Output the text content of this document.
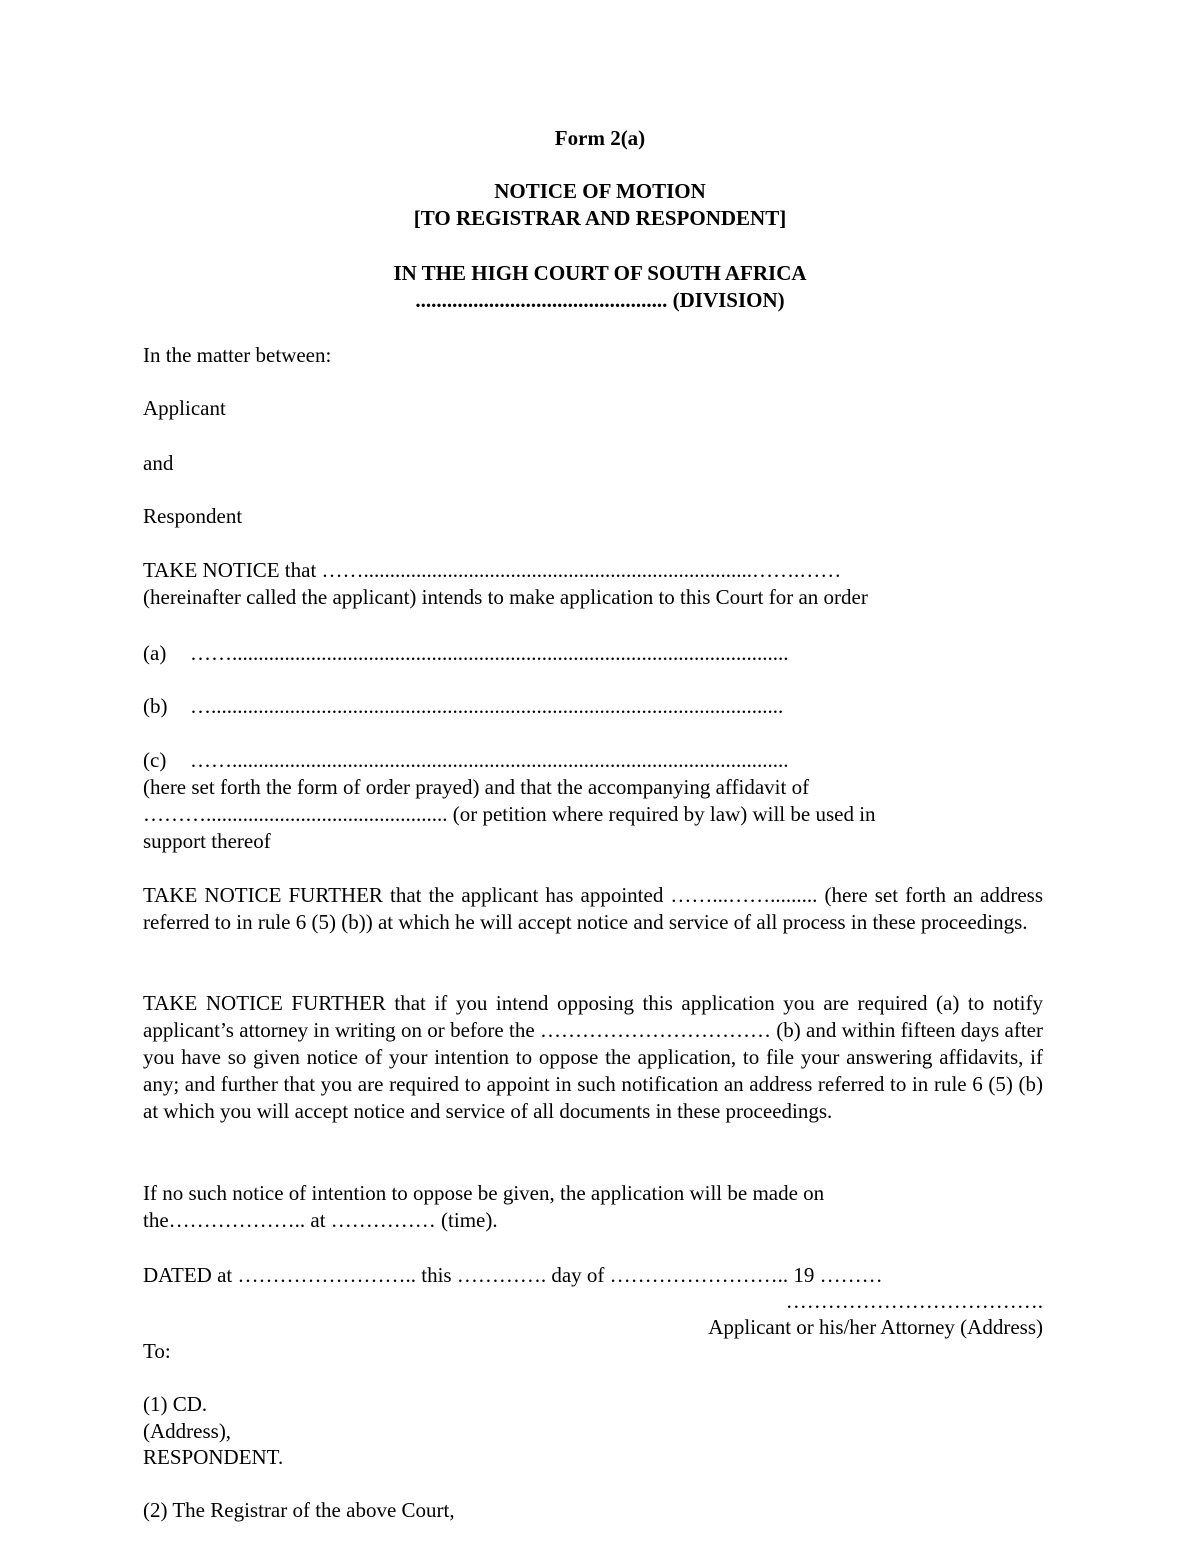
Form 2(a)
NOTICE OF MOTION
[TO REGISTRAR AND RESPONDENT]
IN THE HIGH COURT OF SOUTH AFRICA
................................................ (DIVISION)
In the matter between:
Applicant
and
Respondent
TAKE NOTICE that ……..........................................................................…….……
(hereinafter called the applicant) intends to make application to this Court for an order
(a) ……..........................................................................................................
(b) ….............................................................................................................
(c) ……..........................................................................................................
(here set forth the form of order prayed) and that the accompanying affidavit of
……….............................................. (or petition where required by law) will be used in
support thereof
TAKE NOTICE FURTHER that the applicant has appointed ……...……......... (here set forth an address referred to in rule 6 (5) (b)) at which he will accept notice and service of all process in these proceedings.
TAKE NOTICE FURTHER that if you intend opposing this application you are required (a) to notify applicant’s attorney in writing on or before the …………………………… (b) and within fifteen days after you have so given notice of your intention to oppose the application, to file your answering affidavits, if any; and further that you are required to appoint in such notification an address referred to in rule 6 (5) (b) at which you will accept notice and service of all documents in these proceedings.
If no such notice of intention to oppose be given, the application will be made on
the……………….. at …………… (time).
DATED at …………………….. this …………. day of …………………….. 19 ………
……………………………….
Applicant or his/her Attorney (Address)
To:
(1) CD.
(Address),
RESPONDENT.
(2) The Registrar of the above Court,
